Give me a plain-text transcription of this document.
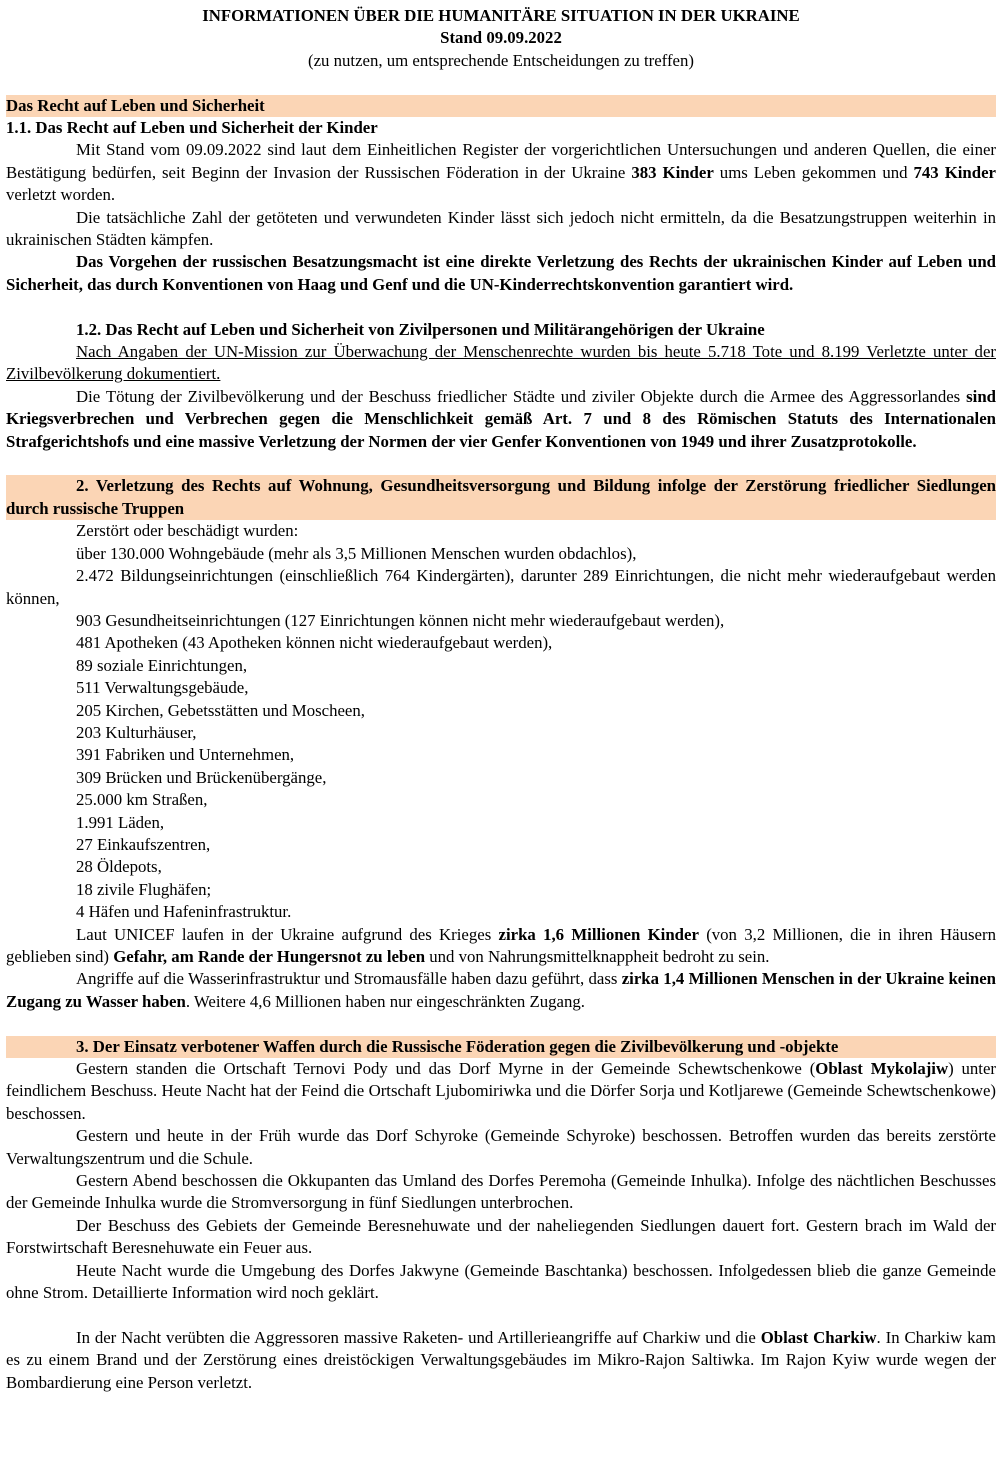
INFORMATIONEN ÜBER DIE HUMANITÄRE SITUATION IN DER UKRAINE

Stand 09.09.2022

(zu nutzen, um entsprechende Entscheidungen zu treffen)

Das Recht auf Leben und Sicherheit

1.1. Das Recht auf Leben und Sicherheit der Kinder

Mit Stand vom 09.09.2022 sind laut dem Einheitlichen Register der vorgerichtlichen Untersuchungen und anderen Quellen, die einer Bestätigung bedürfen, seit Beginn der Invasion der Russischen Föderation in der Ukraine 383 Kinder ums Leben gekommen und 743 Kinder verletzt worden.

Die tatsächliche Zahl der getöteten und verwundeten Kinder lässt sich jedoch nicht ermitteln, da die Besatzungstruppen weiterhin in ukrainischen Städten kämpfen.

Das Vorgehen der russischen Besatzungsmacht ist eine direkte Verletzung des Rechts der ukrainischen Kinder auf Leben und Sicherheit, das durch Konventionen von Haag und Genf und die UN-Kinderrechtskonvention garantiert wird.

1.2. Das Recht auf Leben und Sicherheit von Zivilpersonen und Militärangehörigen der Ukraine

Nach Angaben der UN-Mission zur Überwachung der Menschenrechte wurden bis heute 5.718 Tote und 8.199 Verletzte unter der Zivilbevölkerung dokumentiert.

Die Tötung der Zivilbevölkerung und der Beschuss friedlicher Städte und ziviler Objekte durch die Armee des Aggressorlandes sind Kriegsverbrechen und Verbrechen gegen die Menschlichkeit gemäß Art. 7 und 8 des Römischen Statuts des Internationalen Strafgerichtshofs und eine massive Verletzung der Normen der vier Genfer Konventionen von 1949 und ihrer Zusatzprotokolle.

2. Verletzung des Rechts auf Wohnung, Gesundheitsversorgung und Bildung infolge der Zerstörung friedlicher Siedlungen durch russische Truppen

Zerstört oder beschädigt wurden:

über 130.000 Wohngebäude (mehr als 3,5 Millionen Menschen wurden obdachlos),

2.472 Bildungseinrichtungen (einschließlich 764 Kindergärten), darunter 289 Einrichtungen, die nicht mehr wiederaufgebaut werden können,

903 Gesundheitseinrichtungen (127 Einrichtungen können nicht mehr wiederaufgebaut werden),

481 Apotheken (43 Apotheken können nicht wiederaufgebaut werden),

89 soziale Einrichtungen,

511 Verwaltungsgebäude,

205 Kirchen, Gebetsstätten und Moscheen,

203 Kulturhäuser,

391 Fabriken und Unternehmen,

309 Brücken und Brückenübergänge,

25.000 km Straßen,

1.991 Läden,

27 Einkaufszentren,

28 Öldepots,

18 zivile Flughäfen;

4 Häfen und Hafeninfrastruktur.

Laut UNICEF laufen in der Ukraine aufgrund des Krieges zirka 1,6 Millionen Kinder (von 3,2 Millionen, die in ihren Häusern geblieben sind) Gefahr, am Rande der Hungersnot zu leben und von Nahrungsmittelknappheit bedroht zu sein.

Angriffe auf die Wasserinfrastruktur und Stromausfälle haben dazu geführt, dass zirka 1,4 Millionen Menschen in der Ukraine keinen Zugang zu Wasser haben. Weitere 4,6 Millionen haben nur eingeschränkten Zugang.

3. Der Einsatz verbotener Waffen durch die Russische Föderation gegen die Zivilbevölkerung und -objekte

Gestern standen die Ortschaft Ternovi Pody und das Dorf Myrne in der Gemeinde Schewtschenkowe (Oblast Mykolajiw) unter feindlichem Beschuss. Heute Nacht hat der Feind die Ortschaft Ljubomiriwka und die Dörfer Sorja und Kotljarewe (Gemeinde Schewtschenkowe) beschossen.

Gestern und heute in der Früh wurde das Dorf Schyroke (Gemeinde Schyroke) beschossen. Betroffen wurden das bereits zerstörte Verwaltungszentrum und die Schule.

Gestern Abend beschossen die Okkupanten das Umland des Dorfes Peremoha (Gemeinde Inhulka). Infolge des nächtlichen Beschusses der Gemeinde Inhulka wurde die Stromversorgung in fünf Siedlungen unterbrochen.

Der Beschuss des Gebiets der Gemeinde Beresnehuwate und der naheliegenden Siedlungen dauert fort. Gestern brach im Wald der Forstwirtschaft Beresnehuwate ein Feuer aus.

Heute Nacht wurde die Umgebung des Dorfes Jakwyne (Gemeinde Baschtanka) beschossen. Infolgedessen blieb die ganze Gemeinde ohne Strom. Detaillierte Information wird noch geklärt.

In der Nacht verübten die Aggressoren massive Raketen- und Artillerieangriffe auf Charkiw und die Oblast Charkiw. In Charkiw kam es zu einem Brand und der Zerstörung eines dreistöckigen Verwaltungsgebäudes im Mikro-Rajon Saltiwka. Im Rajon Kyiw wurde wegen der Bombardierung eine Person verletzt.
